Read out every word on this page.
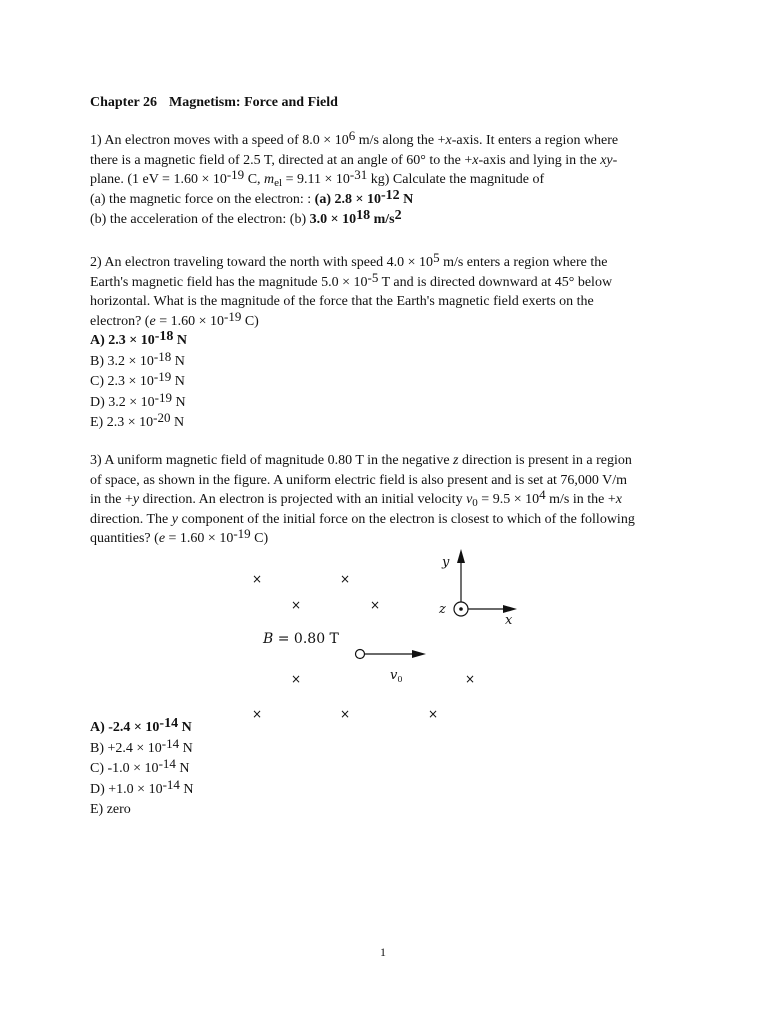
Chapter 26 Magnetism: Force and Field
1) An electron moves with a speed of $8.0 \times 10^6$ m/s along the +x-axis. It enters a region where
there is a magnetic field of 2.5 T, directed at an angle of 60° to the +x-axis and lying in the xy-
plane. (1 eV = $1.60 \times 10^{-19}$ C, $m_{el} = 9.11 \times 10^{-31}$ kg) Calculate the magnitude of
(a) the magnetic force on the electron: : (a) $2.8 \times 10^{-12}$ N
(b) the acceleration of the electron: (b) $3.0 \times 10^{18}$ $m/s^2$
2) An electron traveling toward the north with speed $4.0 \times 10^5$ m/s enters a region where the
Earth's magnetic field has the magnitude $5.0 \times 10^{-5}$ T and is directed downward at 45° below
horizontal. What is the magnitude of the force that the Earth's magnetic field exerts on the
electron? ($e = 1.60 \times 10^{-19}$ C)
A) $2.3 \times 10^{-18}$ N
B) $3.2 \times 10^{-18}$ N
C) $2.3 \times 10^{-19}$ N
D) $3.2 \times 10^{-19}$ N
E) $2.3 \times 10^{-20}$ N
3) A uniform magnetic field of magnitude 0.80 T in the negative z direction is present in a region
of space, as shown in the figure. A uniform electric field is also present and is set at 76,000 V/m
in the +y direction. An electron is projected with an initial velocity $v_0 = 9.5 \times 10^4$ m/s in the +x
direction. The y component of the initial force on the electron is closest to which of the following
quantities? ($e = 1.60 \times 10^{-19}$ C)
A) $-2.4 \times 10^{-14}$ N
$B) +2.4 \times 10^{-14}$ N
C) $-1.0 \times 10^{-14}$ N
$D) +1.0 \times 10^{-14}$ N
E) zero
×	×
×	×
×	×
×	×	×
B = 0.80 T
$v_0$
y
z
x
1
